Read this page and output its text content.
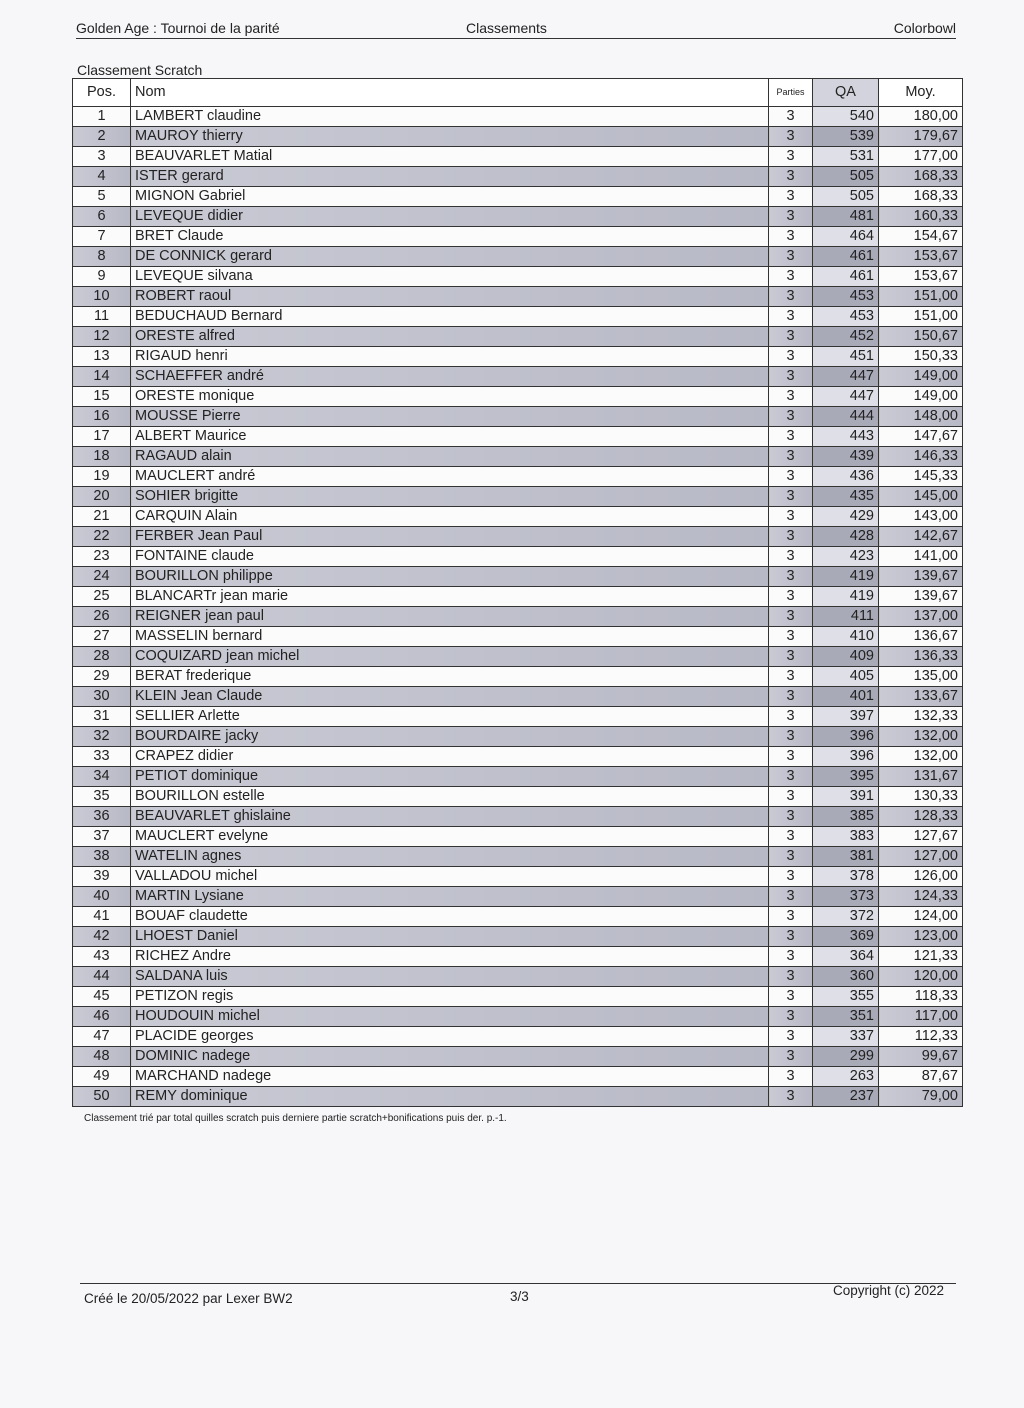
Golden Age : Tournoi de la parité	Classements	Colorbowl
Classement Scratch
Pos.	Nom	Parties	QA	Moy.
1	LAMBERT claudine	3	540	180,00
2	MAUROY thierry	3	539	179,67
3	BEAUVARLET Matial	3	531	177,00
4	ISTER gerard	3	505	168,33
5	MIGNON Gabriel	3	505	168,33
6	LEVEQUE didier	3	481	160,33
7	BRET Claude	3	464	154,67
8	DE CONNICK gerard	3	461	153,67
9	LEVEQUE silvana	3	461	153,67
10	ROBERT raoul	3	453	151,00
11	BEDUCHAUD Bernard	3	453	151,00
12	ORESTE alfred	3	452	150,67
13	RIGAUD henri	3	451	150,33
14	SCHAEFFER andré	3	447	149,00
15	ORESTE monique	3	447	149,00
16	MOUSSE Pierre	3	444	148,00
17	ALBERT Maurice	3	443	147,67
18	RAGAUD alain	3	439	146,33
19	MAUCLERT andré	3	436	145,33
20	SOHIER brigitte	3	435	145,00
21	CARQUIN Alain	3	429	143,00
22	FERBER Jean Paul	3	428	142,67
23	FONTAINE claude	3	423	141,00
24	BOURILLON philippe	3	419	139,67
25	BLANCARTr jean marie	3	419	139,67
26	REIGNER jean paul	3	411	137,00
27	MASSELIN bernard	3	410	136,67
28	COQUIZARD jean michel	3	409	136,33
29	BERAT frederique	3	405	135,00
30	KLEIN Jean Claude	3	401	133,67
31	SELLIER Arlette	3	397	132,33
32	BOURDAIRE jacky	3	396	132,00
33	CRAPEZ didier	3	396	132,00
34	PETIOT dominique	3	395	131,67
35	BOURILLON estelle	3	391	130,33
36	BEAUVARLET ghislaine	3	385	128,33
37	MAUCLERT evelyne	3	383	127,67
38	WATELIN agnes	3	381	127,00
39	VALLADOU michel	3	378	126,00
40	MARTIN Lysiane	3	373	124,33
41	BOUAF claudette	3	372	124,00
42	LHOEST Daniel	3	369	123,00
43	RICHEZ Andre	3	364	121,33
44	SALDANA luis	3	360	120,00
45	PETIZON regis	3	355	118,33
46	HOUDOUIN michel	3	351	117,00
47	PLACIDE georges	3	337	112,33
48	DOMINIC nadege	3	299	99,67
49	MARCHAND nadege	3	263	87,67
50	REMY dominique	3	237	79,00
Classement trié par total quilles scratch puis derniere partie scratch+bonifications puis der. p.-1.
Créé le 20/05/2022 par Lexer BW2	3/3	Copyright (c) 2022
